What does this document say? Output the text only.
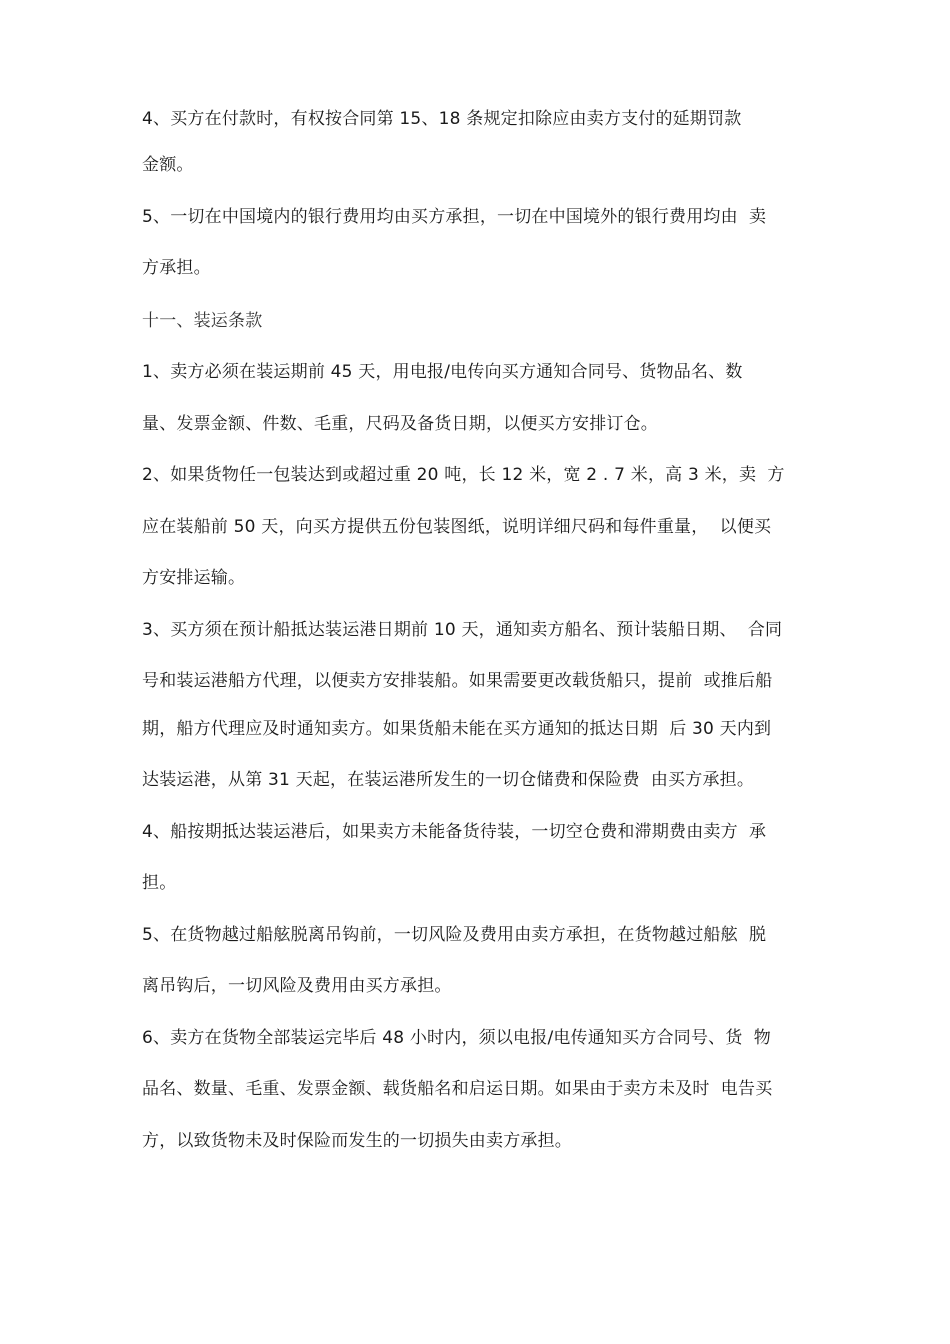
4、买方在付款时，有权按合同第 15、18 条规定扣除应由卖方支付的延期罚款
金额。
5、一切在中国境内的银行费用均由买方承担，一切在中国境外的银行费用均由  卖
方承担。
十一、装运条款
1、卖方必须在装运期前 45 天，用电报/电传向买方通知合同号、货物品名、数
量、发票金额、件数、毛重，尺码及备货日期，以便买方安排订仓。
2、如果货物任一包装达到或超过重 20 吨，长 12 米，宽 2 . 7 米，高 3 米，卖  方
应在装船前 50 天，向买方提供五份包装图纸，说明详细尺码和每件重量，  以便买
方安排运输。
3、买方须在预计船抵达装运港日期前 10 天，通知卖方船名、预计装船日期、  合同
号和装运港船方代理，以便卖方安排装船。如果需要更改载货船只，提前  或推后船
期，船方代理应及时通知卖方。如果货船未能在买方通知的抵达日期  后 30 天内到
达装运港，从第 31 天起，在装运港所发生的一切仓储费和保险费  由买方承担。
4、船按期抵达装运港后，如果卖方未能备货待装，一切空仓费和滞期费由卖方  承
担。
5、在货物越过船舷脱离吊钩前，一切风险及费用由卖方承担，在货物越过船舷  脱
离吊钩后，一切风险及费用由买方承担。
6、卖方在货物全部装运完毕后 48 小时内，须以电报/电传通知买方合同号、货  物
品名、数量、毛重、发票金额、载货船名和启运日期。如果由于卖方未及时  电告买
方，以致货物未及时保险而发生的一切损失由卖方承担。
